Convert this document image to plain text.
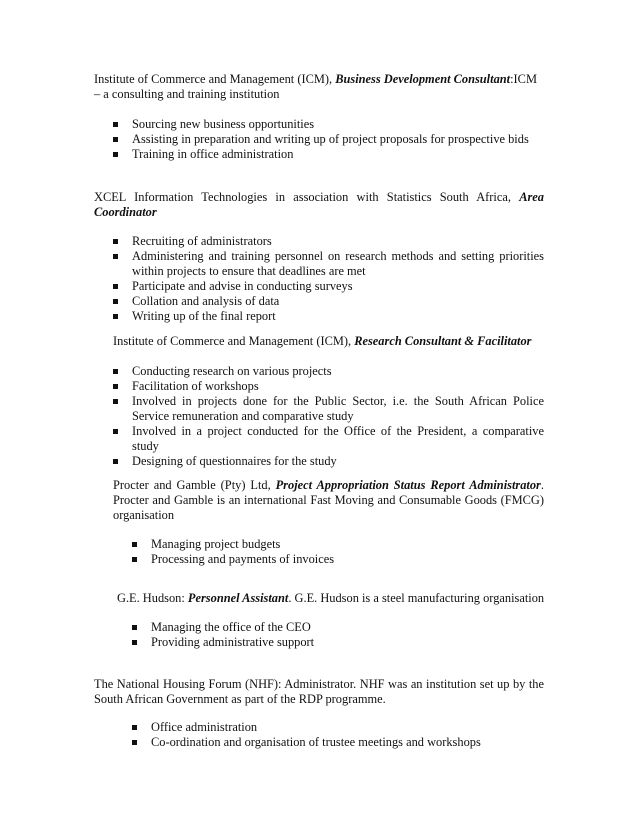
Institute of Commerce and Management (ICM), Business Development Consultant:ICM
– a consulting and training institution
Sourcing new business opportunities
Assisting in preparation and writing up of project proposals for prospective bids
Training in office administration
XCEL Information Technologies in association with Statistics South Africa, Area Coordinator
Recruiting of administrators
Administering and training personnel on research methods and setting priorities within projects to ensure that deadlines are met
Participate and advise in conducting surveys
Collation and analysis of data
Writing up of the final report
Institute of Commerce and Management (ICM), Research Consultant & Facilitator
Conducting research on various projects
Facilitation of workshops
Involved in projects done for the Public Sector, i.e. the South African Police Service remuneration and comparative study
Involved in a project conducted for the Office of the President, a comparative study
Designing of questionnaires for the study
Procter and Gamble (Pty) Ltd, Project Appropriation Status Report Administrator. Procter and Gamble is an international Fast Moving and Consumable Goods (FMCG) organisation
Managing project budgets
Processing and payments of invoices
G.E. Hudson: Personnel Assistant. G.E. Hudson is a steel manufacturing organisation
Managing the office of the CEO
Providing administrative support
The National Housing Forum (NHF): Administrator. NHF was an institution set up by the South African Government as part of the RDP programme.
Office administration
Co-ordination and organisation of trustee meetings and workshops
